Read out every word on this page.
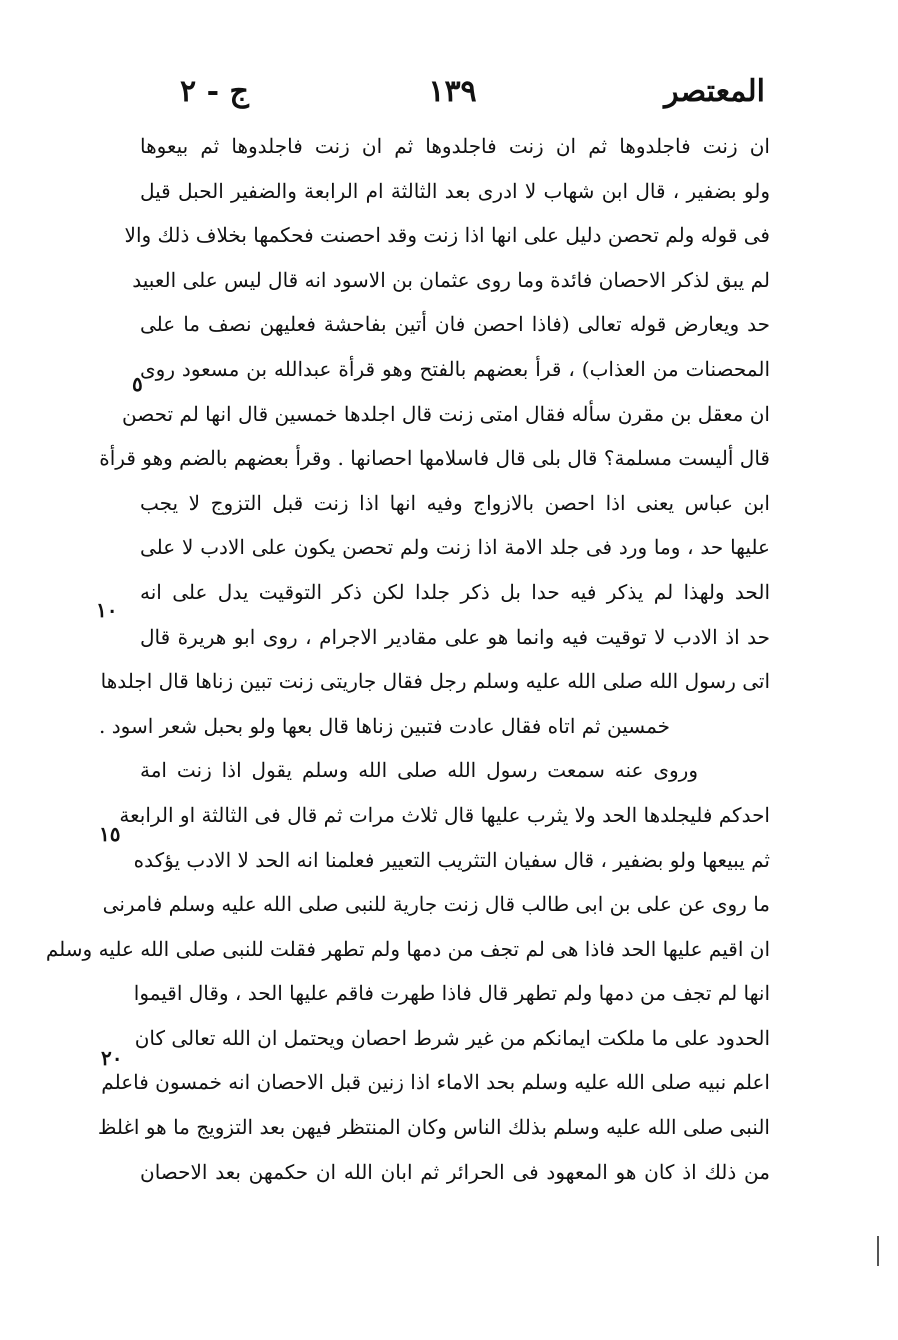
المعتصر
١٣٩
ج - ٢
ان زنت فاجلدوها ثم ان زنت فاجلدوها ثم ان زنت فاجلدوها ثم بيعوها
ولو بضفير ، قال ابن شهاب لا ادرى بعد الثالثة ام الرابعة والضفير الحبل قيل
فى قوله ولم تحصن دليل على انها اذا زنت وقد احصنت فحكمها بخلاف ذلك والا
لم يبق لذكر الاحصان فائدة وما روى عثمان بن الاسود انه قال ليس على العبيد
حد ويعارض قوله تعالى (فاذا احصن فان أتين بفاحشة فعليهن نصف ما على
المحصنات من العذاب) ، قرأ بعضهم بالفتح وهو قرأة عبدالله بن مسعود روى
ان معقل بن مقرن سأله فقال امتى زنت قال اجلدها خمسين قال انها لم تحصن
قال أليست مسلمة؟ قال بلى قال فاسلامها احصانها . وقرأ بعضهم بالضم وهو قرأة
ابن عباس يعنى اذا احصن بالازواج وفيه انها اذا زنت قبل التزوج لا يجب
عليها حد ، وما ورد فى جلد الامة اذا زنت ولم تحصن يكون على الادب لا على
الحد ولهذا لم يذكر فيه حدا بل ذكر جلدا لكن ذكر التوقيت يدل على انه
حد اذ الادب لا توقيت فيه وانما هو على مقادير الاجرام ، روى ابو هريرة قال
اتى رسول الله صلى الله عليه وسلم رجل فقال جاريتى زنت تبين زناها قال اجلدها
خمسين ثم اتاه فقال عادت فتبين زناها قال بعها ولو بحبل شعر اسود .
وروى عنه سمعت رسول الله صلى الله وسلم يقول اذا زنت امة
احدكم فليجلدها الحد ولا يثرب عليها قال ثلاث مرات ثم قال فى الثالثة او الرابعة
ثم يبيعها ولو بضفير ، قال سفيان التثريب التعيير فعلمنا انه الحد لا الادب يؤكده
ما روى عن على بن ابى طالب قال زنت جارية للنبى صلى الله عليه وسلم فامرنى
ان اقيم عليها الحد فاذا هى لم تجف من دمها ولم تطهر فقلت للنبى صلى الله عليه وسلم
انها لم تجف من دمها ولم تطهر قال فاذا طهرت فاقم عليها الحد ، وقال اقيموا
الحدود على ما ملكت ايمانكم من غير شرط احصان ويحتمل ان الله تعالى كان
اعلم نبيه صلى الله عليه وسلم بحد الاماء اذا زنين قبل الاحصان انه خمسون فاعلم
النبى صلى الله عليه وسلم بذلك الناس وكان المنتظر فيهن بعد التزويج ما هو اغلظ
من ذلك اذ كان هو المعهود فى الحرائر ثم ابان الله ان حكمهن بعد الاحصان
٥
١٠
١٥
٢٠
